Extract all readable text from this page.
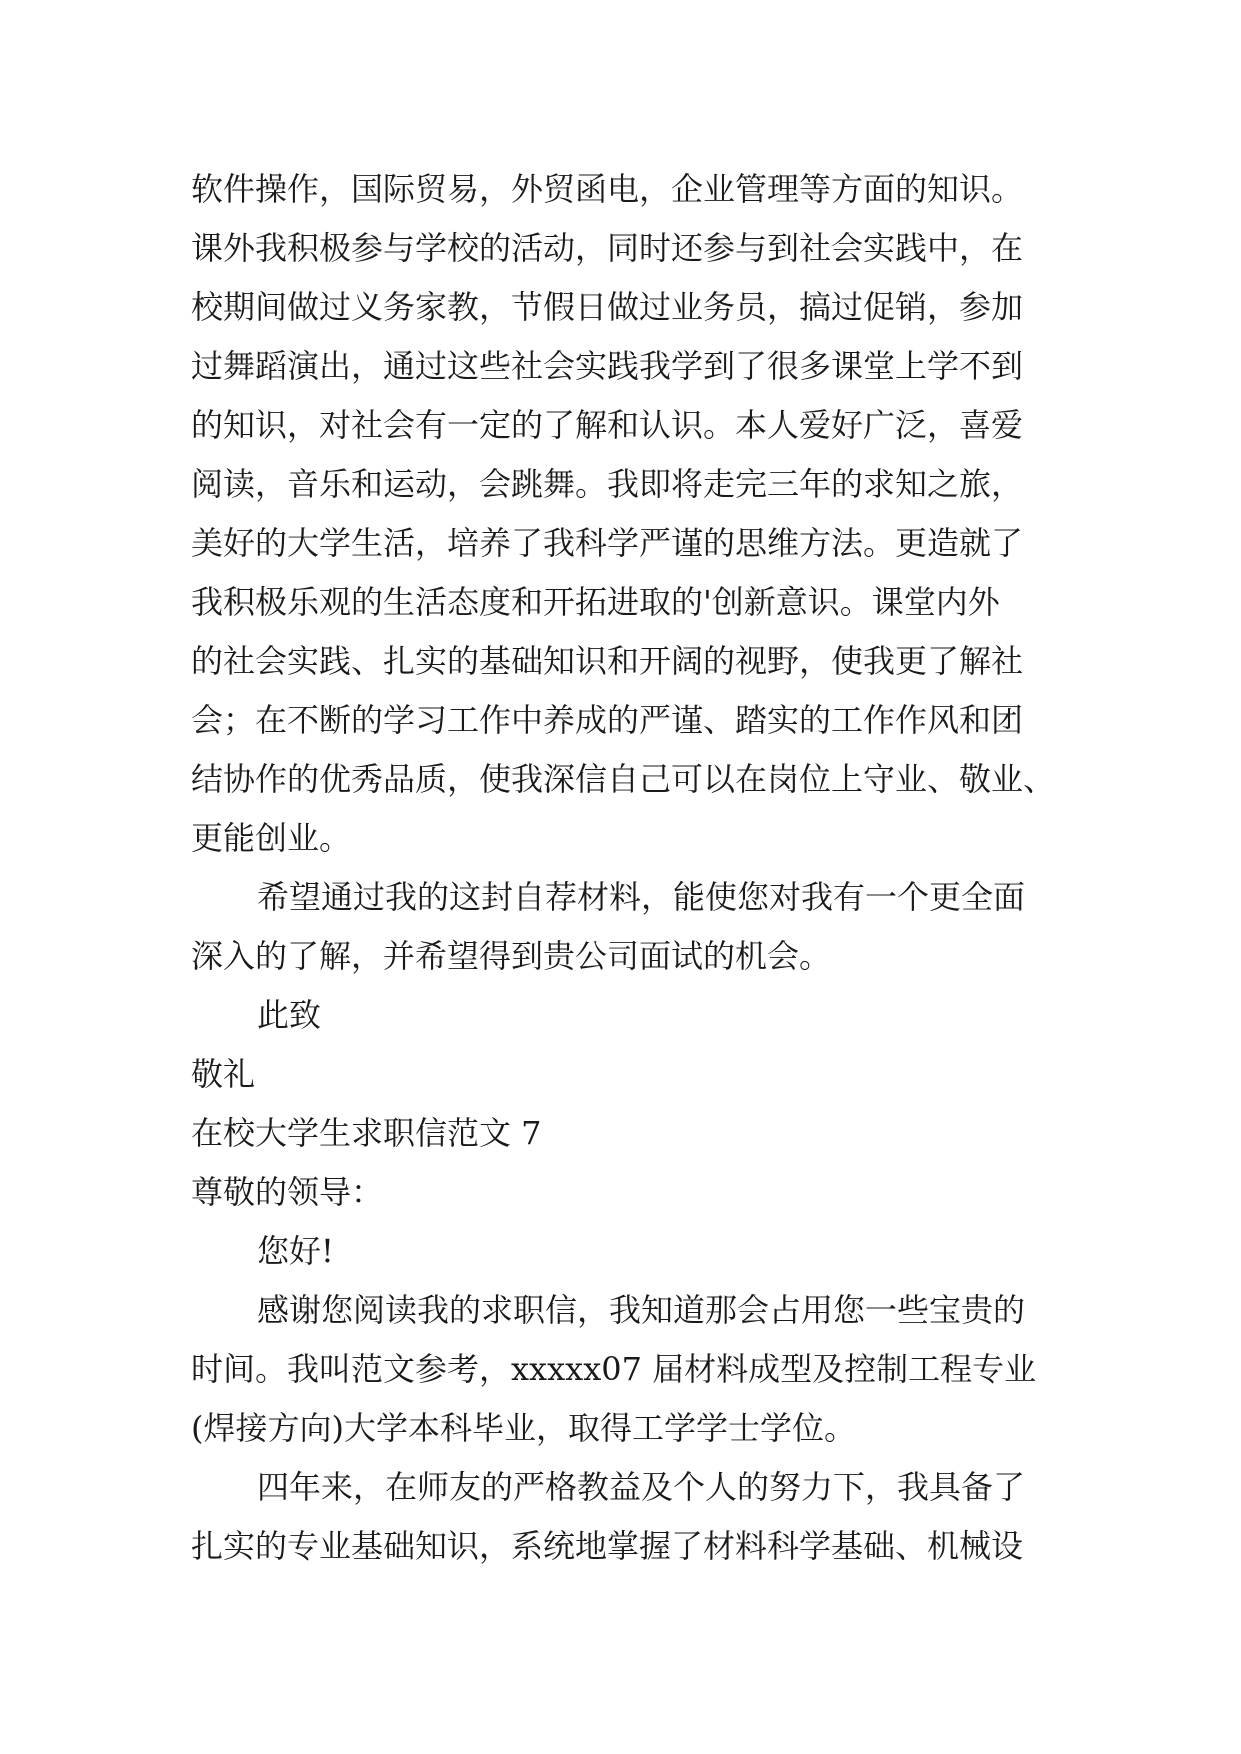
软件操作，国际贸易，外贸函电，企业管理等方面的知识。
课外我积极参与学校的活动，同时还参与到社会实践中，在
校期间做过义务家教，节假日做过业务员，搞过促销，参加
过舞蹈演出，通过这些社会实践我学到了很多课堂上学不到
的知识，对社会有一定的了解和认识。本人爱好广泛，喜爱
阅读，音乐和运动，会跳舞。我即将走完三年的求知之旅，
美好的大学生活，培养了我科学严谨的思维方法。更造就了
我积极乐观的生活态度和开拓进取的'创新意识。课堂内外
的社会实践、扎实的基础知识和开阔的视野，使我更了解社
会；在不断的学习工作中养成的严谨、踏实的工作作风和团
结协作的优秀品质，使我深信自己可以在岗位上守业、敬业、
更能创业。
希望通过我的这封自荐材料，能使您对我有一个更全面
深入的了解，并希望得到贵公司面试的机会。
此致
敬礼
在校大学生求职信范文 7
尊敬的领导：
您好!
感谢您阅读我的求职信，我知道那会占用您一些宝贵的
时间。我叫范文参考，xxxxx07 届材料成型及控制工程专业
(焊接方向)大学本科毕业，取得工学学士学位。
四年来，在师友的严格教益及个人的努力下，我具备了
扎实的专业基础知识，系统地掌握了材料科学基础、机械设
